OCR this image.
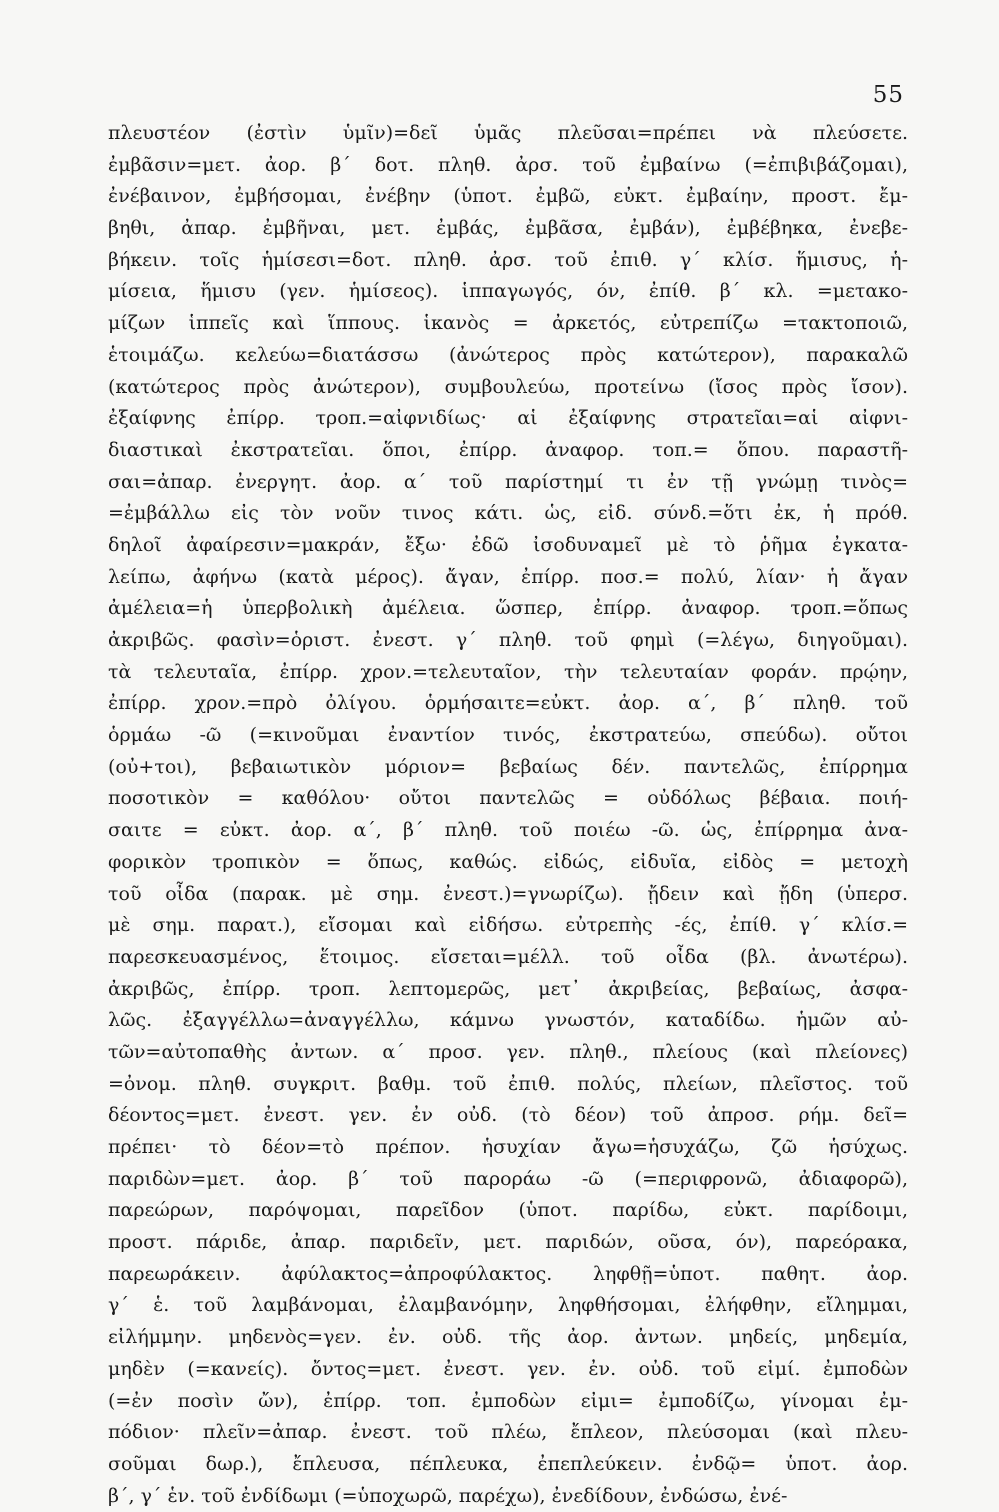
55
πλευστέον (ἐστὶν ὑμῖν)=δεῖ ὑμᾶς πλεῦσαι=πρέπει νὰ πλεύσετε.
ἐμβᾶσιν=μετ. ἀορ. β΄ δοτ. πληθ. ἀρσ. τοῦ ἐμβαίνω (=ἐπιβιβάζομαι),
ἐνέβαινον, ἐμβήσομαι, ἐνέβην (ὑποτ. ἐμβῶ, εὐκτ. ἐμβαίην, προστ. ἔμ-
βηθι, ἀπαρ. ἐμβῆναι, μετ. ἐμβάς, ἐμβᾶσα, ἐμβάν), ἐμβέβηκα, ἐνεβε-
βήκειν. τοῖς ἡμίσεσι=δοτ. πληθ. ἀρσ. τοῦ ἐπιθ. γ΄ κλίσ. ἥμισυς, ἡ-
μίσεια, ἥμισυ (γεν. ἡμίσεος). ἱππαγωγός, όν, ἐπίθ. β΄ κλ. =μετακο-
μίζων ἱππεῖς καὶ ἵππους. ἱκανὸς = ἀρκετός, εὐτρεπίζω =τακτοποιῶ,
ἑτοιμάζω. κελεύω=διατάσσω (ἀνώτερος πρὸς κατώτερον), παρακαλῶ
(κατώτερος πρὸς ἀνώτερον), συμβουλεύω, προτείνω (ἴσος πρὸς ἴσον).
ἐξαίφνης ἐπίρρ. τροπ.=αἰφνιδίως· αἱ ἐξαίφνης στρατεῖαι=αἱ αἰφνι-
διαστικαὶ ἐκστρατεῖαι. ὅποι, ἐπίρρ. ἀναφορ. τοπ.= ὅπου. παραστῆ-
σαι=ἀπαρ. ἐνεργητ. ἀορ. α΄ τοῦ παρίστημί τι ἐν τῇ γνώμῃ τινὸς=
=ἐμβάλλω εἰς τὸν νοῦν τινος κάτι. ὡς, εἰδ. σύνδ.=ὅτι ἐκ, ἡ πρόθ.
δηλοῖ ἀφαίρεσιν=μακράν, ἔξω· ἐδῶ ἰσοδυναμεῖ μὲ τὸ ῥῆμα ἐγκατα-
λείπω, ἀφήνω (κατὰ μέρος). ἄγαν, ἐπίρρ. ποσ.= πολύ, λίαν· ἡ ἄγαν
ἀμέλεια=ἡ ὑπερβολικὴ ἀμέλεια. ὥσπερ, ἐπίρρ. ἀναφορ. τροπ.=ὅπως
ἀκριβῶς. φασὶν=ὁριστ. ἐνεστ. γ΄ πληθ. τοῦ φημὶ (=λέγω, διηγοῦμαι).
τὰ τελευταῖα, ἐπίρρ. χρον.=τελευταῖον, τὴν τελευταίαν φοράν. πρῴην,
ἐπίρρ. χρον.=πρὸ ὀλίγου. ὁρμήσαιτε=εὐκτ. ἀορ. α΄, β΄ πληθ. τοῦ
ὁρμάω -ῶ (=κινοῦμαι ἐναντίον τινός, ἐκστρατεύω, σπεύδω). οὔτοι
(οὐ+τοι), βεβαιωτικὸν μόριον= βεβαίως δέν. παντελῶς, ἐπίρρημα
ποσοτικὸν = καθόλου· οὔτοι παντελῶς = οὐδόλως βέβαια. ποιή-
σαιτε = εὐκτ. ἀορ. α΄, β΄ πληθ. τοῦ ποιέω -ῶ. ὡς, ἐπίρρημα ἀνα-
φορικὸν τροπικὸν = ὅπως, καθώς. εἰδώς, εἰδυῖα, εἰδὸς = μετοχὴ
τοῦ οἶδα (παρακ. μὲ σημ. ἐνεστ.)=γνωρίζω). ᾔδειν καὶ ᾔδη (ὑπερσ.
μὲ σημ. παρατ.), εἴσομαι καὶ εἰδήσω. εὐτρεπὴς -ές, ἐπίθ. γ΄ κλίσ.=
παρεσκευασμένος, ἕτοιμος. εἴσεται=μέλλ. τοῦ οἶδα (βλ. ἀνωτέρω).
ἀκριβῶς, ἐπίρρ. τροπ. λεπτομερῶς, μετ᾽ ἀκριβείας, βεβαίως, ἀσφα-
λῶς. ἐξαγγέλλω=ἀναγγέλλω, κάμνω γνωστόν, καταδίδω. ἡμῶν αὐ-
τῶν=αὐτοπαθὴς ἀντων. α΄ προσ. γεν. πληθ., πλείους (καὶ πλείονες)
=ὀνομ. πληθ. συγκριτ. βαθμ. τοῦ ἐπιθ. πολύς, πλείων, πλεῖστος. τοῦ
δέοντος=μετ. ἐνεστ. γεν. ἐν οὐδ. (τὸ δέον) τοῦ ἀπροσ. ρήμ. δεῖ=
πρέπει· τὸ δέον=τὸ πρέπον. ἡσυχίαν ἄγω=ἡσυχάζω, ζῶ ἡσύχως.
παριδὼν=μετ. ἀορ. β΄ τοῦ παροράω -ῶ (=περιφρονῶ, ἀδιαφορῶ),
παρεώρων, παρόψομαι, παρεῖδον (ὑποτ. παρίδω, εὐκτ. παρίδοιμι,
προστ. πάριδε, ἀπαρ. παριδεῖν, μετ. παριδών, οῦσα, όν), παρεόρακα,
παρεωράκειν. ἀφύλακτος=ἀπροφύλακτος. ληφθῇ=ὑποτ. παθητ. ἀορ.
γ΄ ἑ. τοῦ λαμβάνομαι, ἐλαμβανόμην, ληφθήσομαι, ἐλήφθην, εἴλημμαι,
εἰλήμμην. μηδενὸς=γεν. ἐν. οὐδ. τῆς ἀορ. ἀντων. μηδείς, μηδεμία,
μηδὲν (=κανείς). ὄντος=μετ. ἐνεστ. γεν. ἐν. οὐδ. τοῦ εἰμί. ἐμποδὼν
(=ἐν ποσὶν ὤν), ἐπίρρ. τοπ. ἐμποδὼν εἰμι= ἐμποδίζω, γίνομαι ἐμ-
πόδιον· πλεῖν=ἀπαρ. ἐνεστ. τοῦ πλέω, ἔπλεον, πλεύσομαι (καὶ πλευ-
σοῦμαι δωρ.), ἔπλευσα, πέπλευκα, ἐπεπλεύκειν. ἐνδῷ= ὑποτ. ἀορ.
β΄, γ΄ ἑν. τοῦ ἐνδίδωμι (=ὑποχωρῶ, παρέχω), ἐνεδίδουν, ἐνδώσω, ἐνέ-
